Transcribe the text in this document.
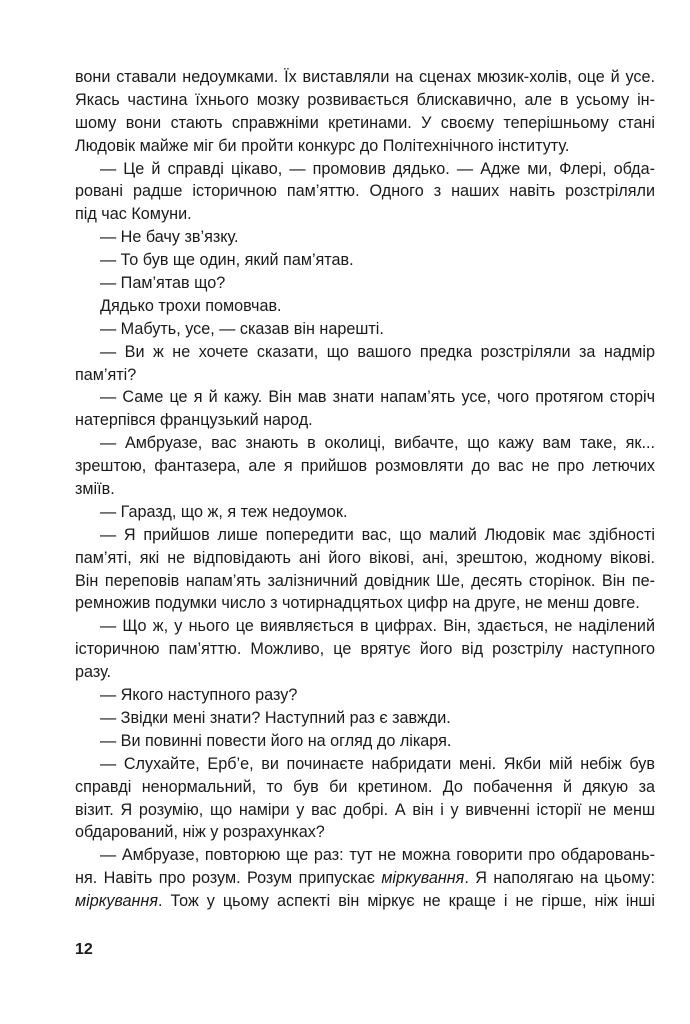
вони ставали недоумками. Їх виставляли на сценах мюзик-холів, оце й усе.
Якась частина їхнього мозку розвивається блискавично, але в усьому ін-
шому вони стають справжніми кретинами. У своєму теперішньому стані
Людовік майже міг би пройти конкурс до Політехнічного інституту.
— Це й справді цікаво, — промовив дядько. — Адже ми, Флері, обда-
ровані радше історичною пам’яттю. Одного з наших навіть розстріляли
під час Комуни.
— Не бачу зв’язку.
— То був ще один, який пам’ятав.
— Пам’ятав що?
Дядько трохи помовчав.
— Мабуть, усе, — сказав він нарешті.
— Ви ж не хочете сказати, що вашого предка розстріляли за надмір
пам’яті?
— Саме це я й кажу. Він мав знати напам’ять усе, чого протягом сторіч
натерпівся французький народ.
— Амбруазе, вас знають в околиці, вибачте, що кажу вам таке, як...
зрештою, фантазера, але я прийшов розмовляти до вас не про летючих
зміїв.
— Гаразд, що ж, я теж недоумок.
— Я прийшов лише попередити вас, що малий Людовік має здібності
пам’яті, які не відповідають ані його вікові, ані, зрештою, жодному вікові.
Він переповів напам’ять залізничний довідник Ше, десять сторінок. Він пе-
ремножив подумки число з чотирнадцятьох цифр на друге, не менш довге.
— Що ж, у нього це виявляється в цифрах. Він, здається, не наділений
історичною пам’яттю. Можливо, це врятує його від розстрілу наступного
разу.
— Якого наступного разу?
— Звідки мені знати? Наступний раз є завжди.
— Ви повинні повести його на огляд до лікаря.
— Слухайте, Ерб’е, ви починаєте набридати мені. Якби мій небіж був
справді ненормальний, то був би кретином. До побачення й дякую за
візит. Я розумію, що наміри у вас добрі. А він і у вивченні історії не менш
обдарований, ніж у розрахунках?
— Амбруазе, повторюю ще раз: тут не можна говорити про обдаровань-
ня. Навіть про розум. Розум припускає міркування. Я наполягаю на цьому:
міркування. Тож у цьому аспекті він міркує не краще і не гірше, ніж інші
12
